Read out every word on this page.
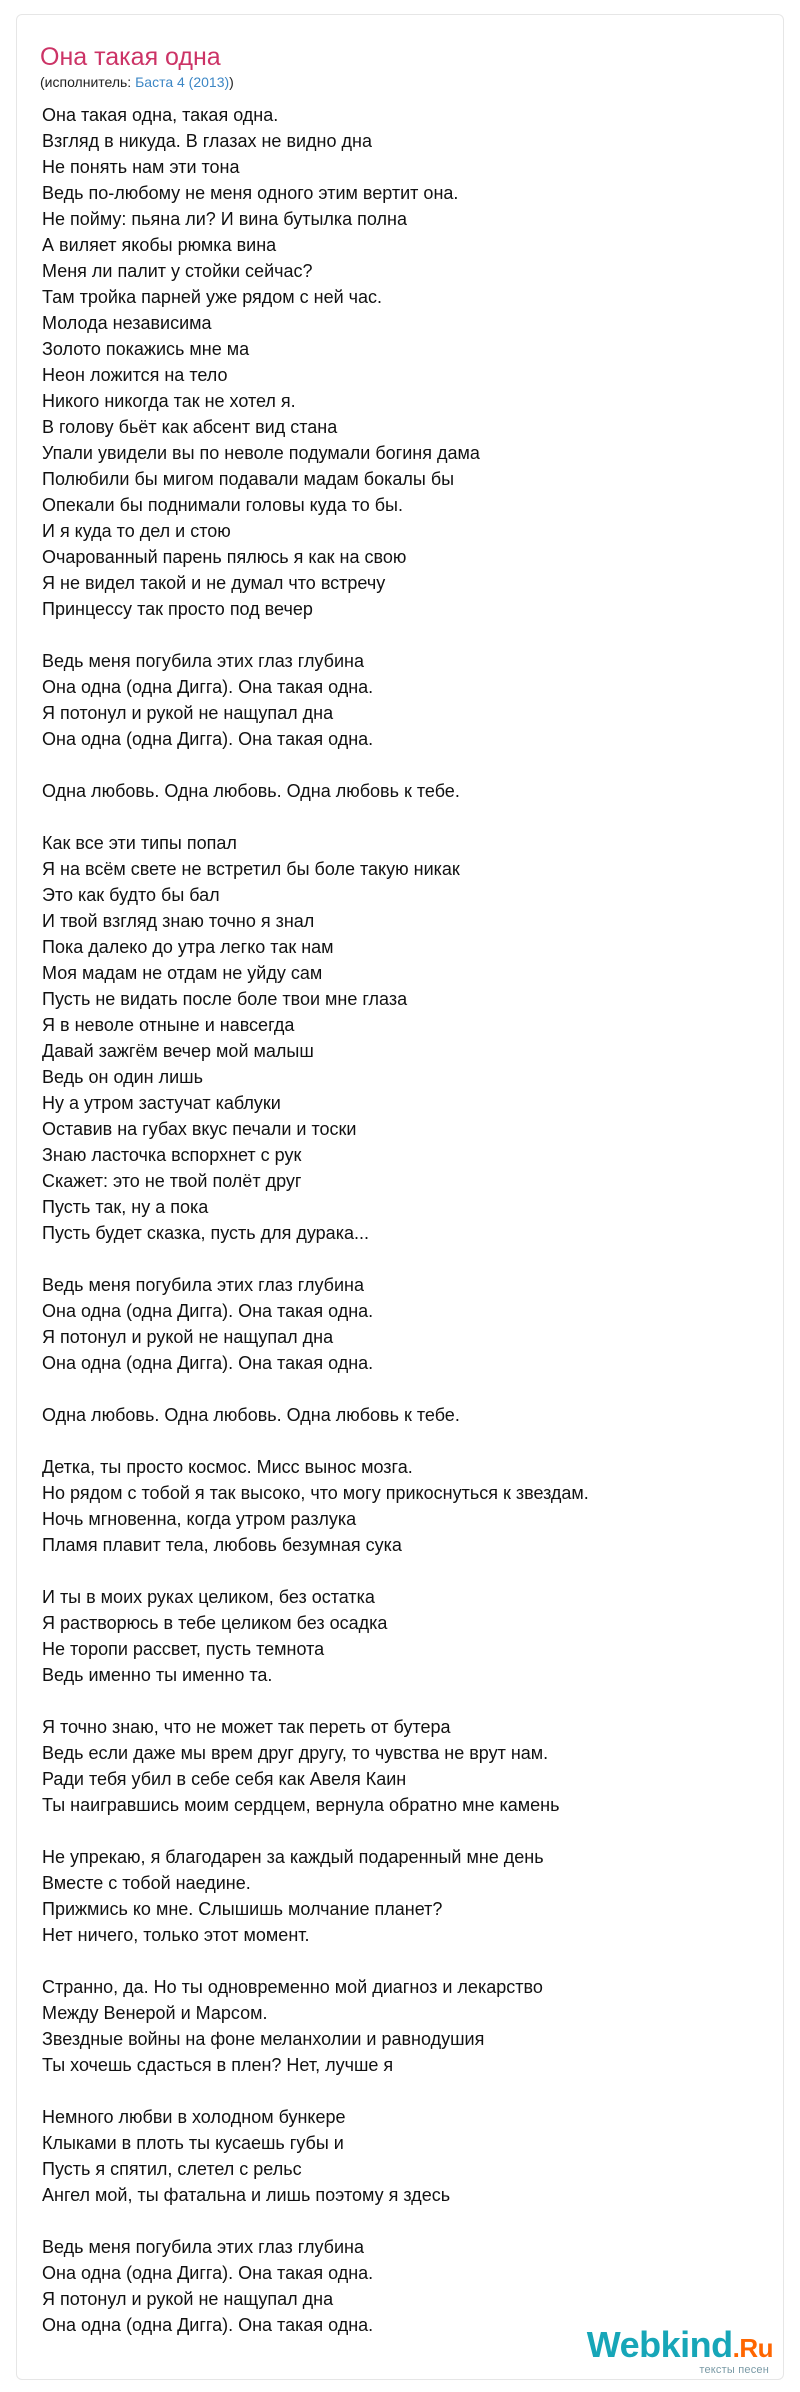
Она такая одна
(исполнитель: Баста 4 (2013))
Она такая одна, такая одна.
Взгляд в никуда. В глазах не видно дна
Не понять нам эти тона
Ведь по-любому не меня одного этим вертит она.
Не пойму: пьяна ли? И вина бутылка полна
А виляет якобы рюмка вина
Меня ли палит у стойки сейчас?
Там тройка парней уже рядом с ней час.
Молода независима
Золото покажись мне ма
Неон ложится на тело
Никого никогда так не хотел я.
В голову бьёт как абсент вид стана
Упали увидели вы по неволе подумали богиня дама
Полюбили бы мигом подавали мадам бокалы бы
Опекали бы поднимали головы куда то бы.
И я куда то дел и стою
Очарованный парень пялюсь я как на свою
Я не видел такой и не думал что встречу
Принцессу так просто под вечер
Ведь меня погубила этих глаз глубина
Она одна (одна Дигга). Она такая одна.
Я потонул и рукой не нащупал дна
Она одна (одна Дигга). Она такая одна.
Одна любовь. Одна любовь. Одна любовь к тебе.
Как все эти типы попал
Я на всём свете не встретил бы боле такую никак
Это как будто бы бал
И твой взгляд знаю точно я знал
Пока далеко до утра легко так нам
Моя мадам не отдам не уйду сам
Пусть не видать после боле твои мне глаза
Я в неволе отныне и навсегда
Давай зажгём вечер мой малыш
Ведь он один лишь
Ну а утром застучат каблуки
Оставив на губах вкус печали и тоски
Знаю ласточка вспорхнет с рук
Скажет: это не твой полёт друг
Пусть так, ну а пока
Пусть будет сказка, пусть для дурака...
Ведь меня погубила этих глаз глубина
Она одна (одна Дигга). Она такая одна.
Я потонул и рукой не нащупал дна
Она одна (одна Дигга). Она такая одна.
Одна любовь. Одна любовь. Одна любовь к тебе.
Детка, ты просто космос. Мисс вынос мозга.
Но рядом с тобой я так высоко, что могу прикоснуться к звездам.
Ночь мгновенна, когда утром разлука
Пламя плавит тела, любовь безумная сука
И ты в моих руках целиком, без остатка
Я растворюсь в тебе целиком без осадка
Не торопи рассвет, пусть темнота
Ведь именно ты именно та.
Я точно знаю, что не может так переть от бутера
Ведь если даже мы врем друг другу, то чувства не врут нам.
Ради тебя убил в себе себя как Авеля Каин
Ты наигравшись моим сердцем, вернула обратно мне камень
Не упрекаю, я благодарен за каждый подаренный мне день
Вместе с тобой наедине.
Прижмись ко мне. Слышишь молчание планет?
Нет ничего, только этот момент.
Странно, да. Но ты одновременно мой диагноз и лекарство
Между Венерой и Марсом.
Звездные войны на фоне меланхолии и равнодушия
Ты хочешь сдасться в плен? Нет, лучше я
Немного любви в холодном бункере
Клыками в плоть ты кусаешь губы и
Пусть я спятил, слетел с рельс
Ангел мой, ты фатальна и лишь поэтому я здесь
Ведь меня погубила этих глаз глубина
Она одна (одна Дигга). Она такая одна.
Я потонул и рукой не нащупал дна
Она одна (одна Дигга). Она такая одна.	Webkind.Ru
тексты песен
